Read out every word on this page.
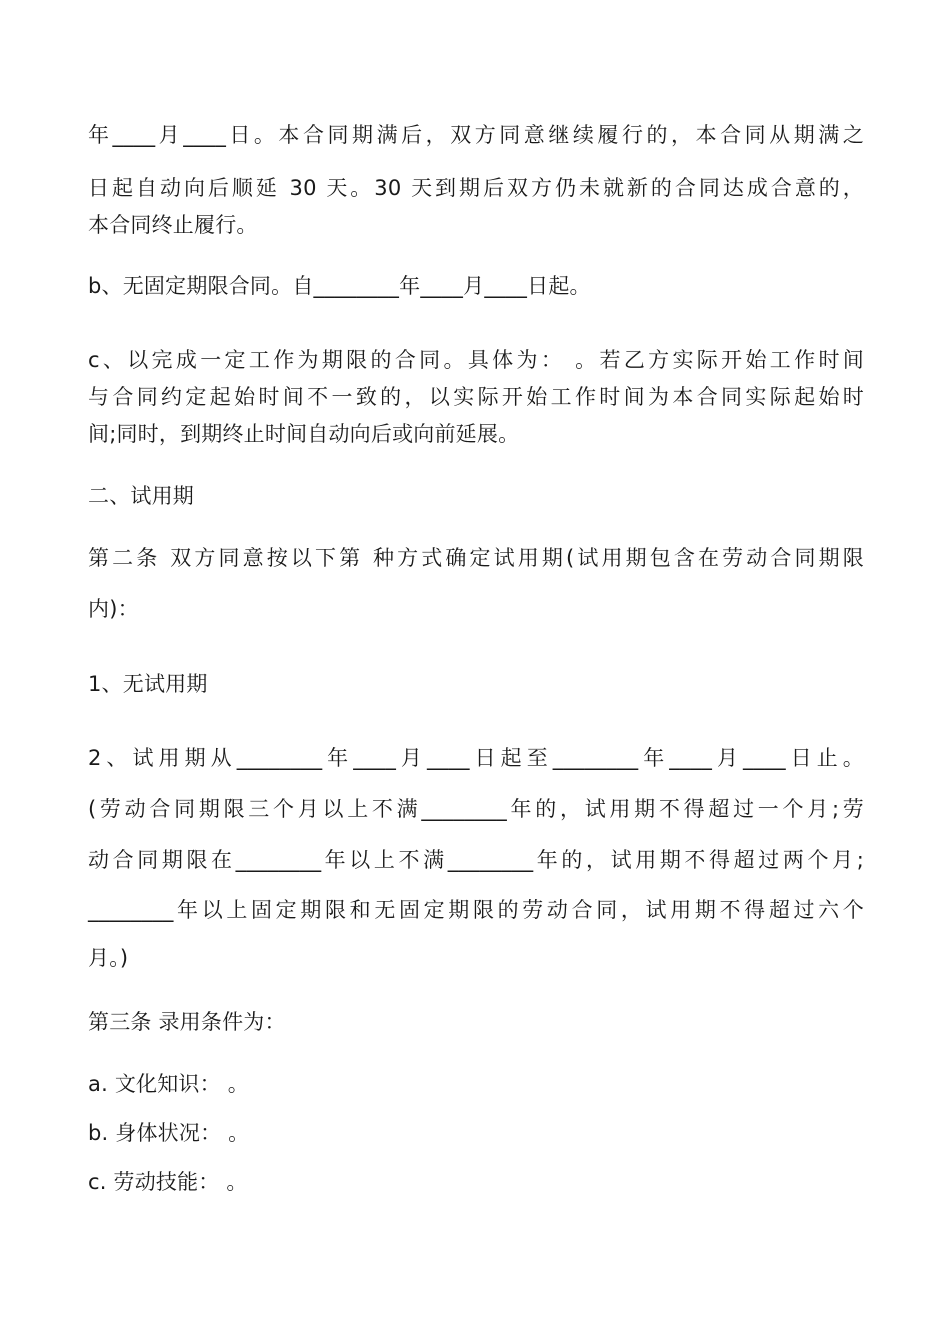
年____月____日。本合同期满后，双方同意继续履行的，本合同从期满之
日起自动向后顺延 30 天。30 天到期后双方仍未就新的合同达成合意的，
本合同终止履行。
b、无固定期限合同。自________年____月____日起。
c、以完成一定工作为期限的合同。具体为： 。若乙方实际开始工作时间
与合同约定起始时间不一致的，以实际开始工作时间为本合同实际起始时
间;同时，到期终止时间自动向后或向前延展。
二、试用期
第二条 双方同意按以下第 种方式确定试用期(试用期包含在劳动合同期限
内)：
1、无试用期
2、试用期从________年____月____日起至________年____月____日止。
(劳动合同期限三个月以上不满________年的，试用期不得超过一个月;劳
动合同期限在________年以上不满________年的，试用期不得超过两个月;
________年以上固定期限和无固定期限的劳动合同，试用期不得超过六个
月。)
第三条 录用条件为：
a. 文化知识： 。
b. 身体状况： 。
c. 劳动技能： 。
